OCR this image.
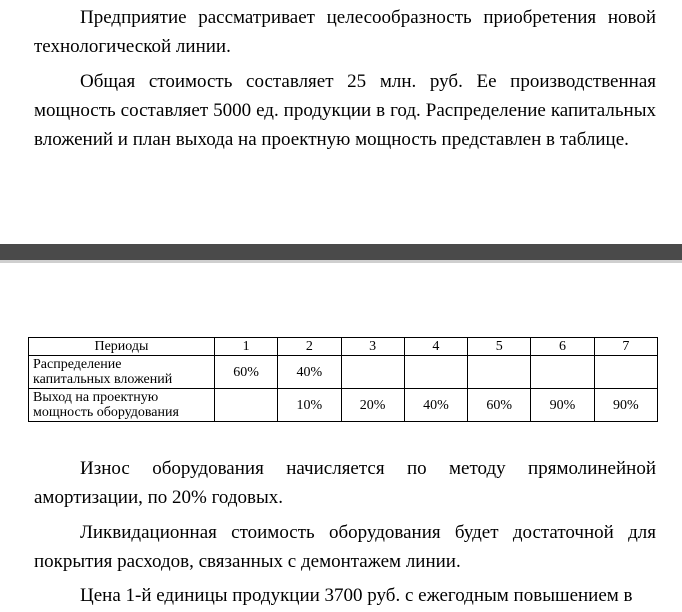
Предприятие рассматривает целесообразность приобретения новой технологической линии.

Общая стоимость составляет 25 млн. руб. Ее производственная мощность составляет 5000 ед. продукции в год. Распределение капитальных вложений и план выхода на проектную мощность представлен в таблице.

Периоды	1	2	3	4	5	6	7

Распределение
капитальных вложений	60%	40%					

Выход на проектную
мощность оборудования		10%	20%	40%	60%	90%	90%

Износ оборудования начисляется по методу прямолинейной амортизации, по 20% годовых.

Ликвидационная стоимость оборудования будет достаточной для покрытия расходов, связанных с демонтажем линии.

Цена 1-й единицы продукции 3700 руб. с ежегодным повышением в
